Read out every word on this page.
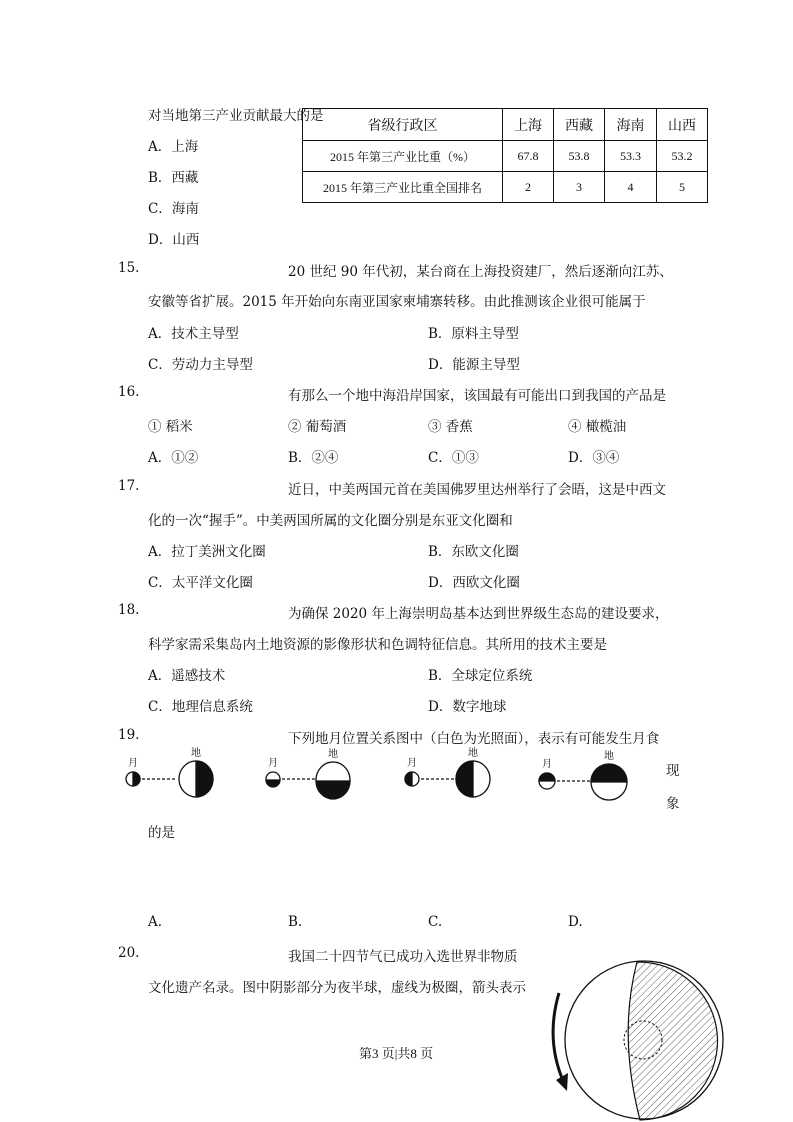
对当地第三产业贡献最大的是
A．上海
B．西藏
C．海南
D．山西
省级行政区	上海	西藏	海南	山西
2015 年第三产业比重（%）	67.8	53.8	53.3	53.2
2015 年第三产业比重全国排名	2	3	4	5
15.	20 世纪 90 年代初，某台商在上海投资建厂，然后逐渐向江苏、
安徽等省扩展。2015 年开始向东南亚国家柬埔寨转移。由此推测该企业很可能属于
A．技术主导型	B．原料主导型
C．劳动力主导型	D．能源主导型
16.	有那么一个地中海沿岸国家，该国最有可能出口到我国的产品是
① 稻米	② 葡萄酒	③ 香蕉	④ 橄榄油
A．①②	B．②④	C．①③	D．③④
17.	近日，中美两国元首在美国佛罗里达州举行了会晤，这是中西文
化的一次“握手”。中美两国所属的文化圈分别是东亚文化圈和
A．拉丁美洲文化圈	B．东欧文化圈
C．太平洋文化圈	D．西欧文化圈
18.	为确保 2020 年上海崇明岛基本达到世界级生态岛的建设要求，
科学家需采集岛内土地资源的影像形状和色调特征信息。其所用的技术主要是
A．遥感技术	B．全球定位系统
C．地理信息系统	D．数字地球
19.	下列地月位置关系图中（白色为光照面），表示有可能发生月食
现
象
的是
月
地
月
地
月
地
月
地
A.	B.	C.	D.
20.	我国二十四节气已成功入选世界非物质
文化遗产名录。图中阴影部分为夜半球，虚线为极圈，箭头表示
第3 页|共8 页
